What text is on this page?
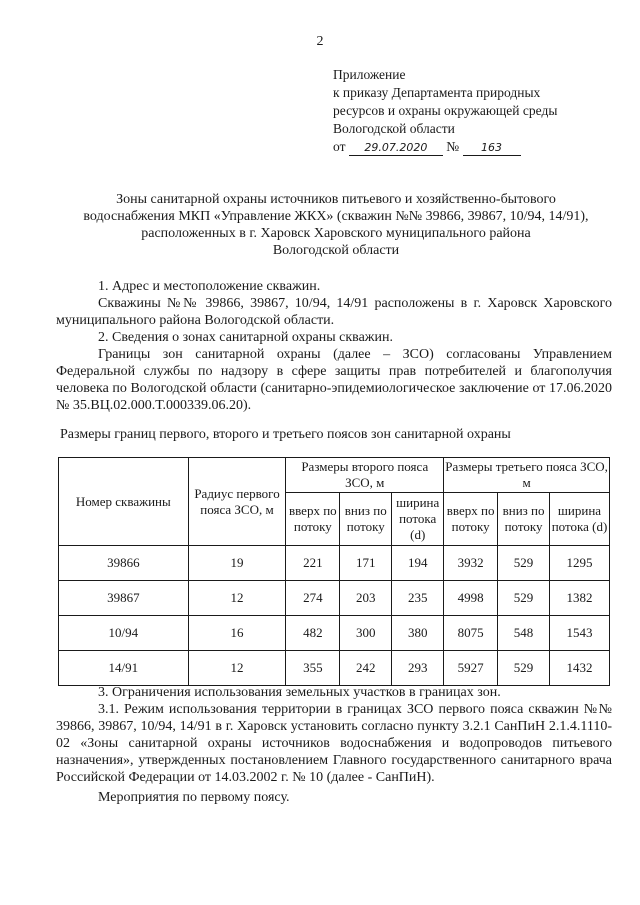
2
Приложение
к приказу Департамента природных
ресурсов и охраны окружающей среды
Вологодской области
от 29.07.2020 № 163
Зоны санитарной охраны источников питьевого и хозяйственно-бытового
водоснабжения МКП «Управление ЖКХ» (скважин №№ 39866, 39867, 10/94, 14/91),
расположенных в г. Харовск Харовского муниципального района
Вологодской области

1. Адрес и местоположение скважин.

Скважины №№ 39866, 39867, 10/94, 14/91 расположены в г. Харовск Харовского муниципального района Вологодской области.

2. Сведения о зонах санитарной охраны скважин.

Границы зон санитарной охраны (далее – ЗСО) согласованы Управлением Федеральной службы по надзору в сфере защиты прав потребителей и благополучия человека по Вологодской области (санитарно-эпидемиологическое заключение от 17.06.2020 № 35.ВЦ.02.000.Т.000339.06.20).

Размеры границ первого, второго и третьего поясов зон санитарной охраны
Номер скважины	Радиус первого пояса ЗСО, м	Размеры второго пояса ЗСО, м			Размеры третьего пояса ЗСО, м		
		вверх по потоку	вниз по потоку	ширина потока (d)	вверх по потоку	вниз по потоку	ширина потока (d)
39866	19	221	171	194	3932	529	1295
39867	12	274	203	235	4998	529	1382
10/94	16	482	300	380	8075	548	1543
14/91	12	355	242	293	5927	529	1432

3. Ограничения использования земельных участков в границах зон.

3.1. Режим использования территории в границах ЗСО первого пояса скважин №№ 39866, 39867, 10/94, 14/91 в г. Харовск установить согласно пункту 3.2.1 СанПиН 2.1.4.1110-02 «Зоны санитарной охраны источников водоснабжения и водопроводов питьевого назначения», утвержденных постановлением Главного государственного санитарного врача Российской Федерации от 14.03.2002 г. № 10 (далее - СанПиН).

Мероприятия по первому поясу.
